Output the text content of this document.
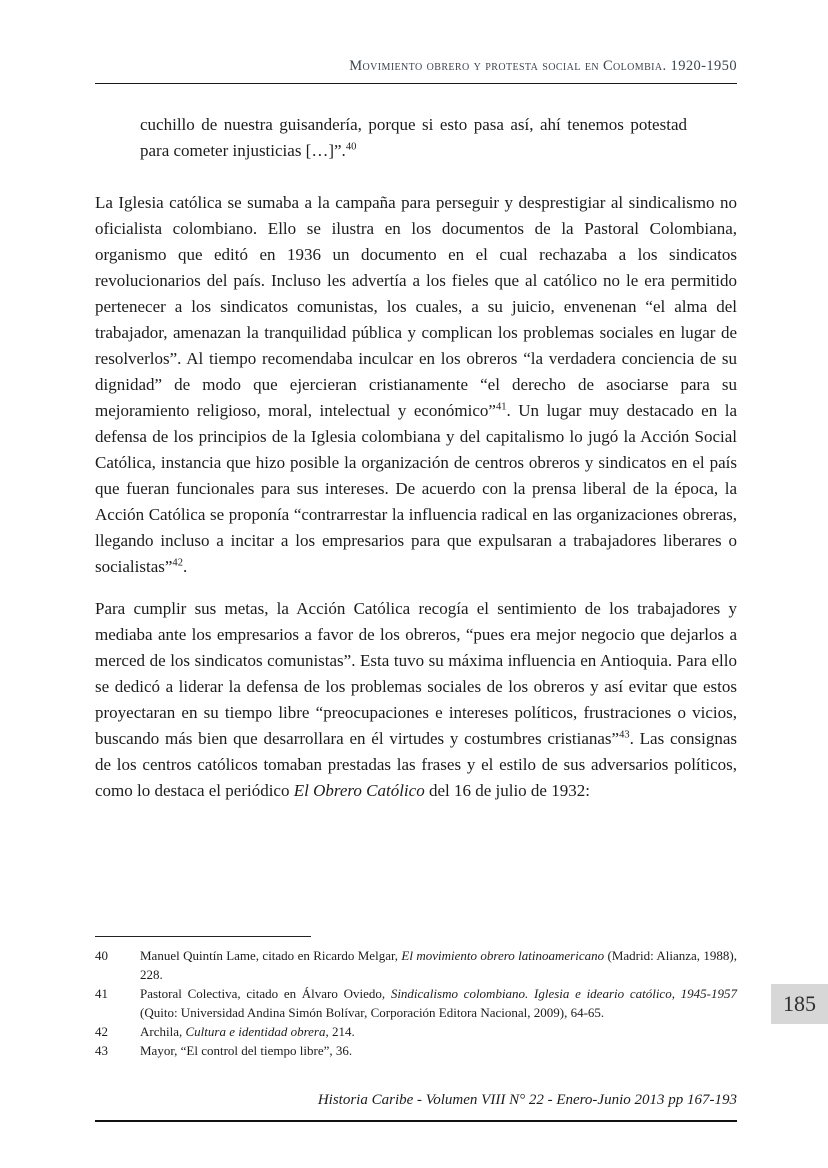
Movimiento obrero y protesta social en Colombia. 1920-1950
cuchillo de nuestra guisandería, porque si esto pasa así, ahí tenemos potestad para cometer injusticias […]”.$^{40}$

La Iglesia católica se sumaba a la campaña para perseguir y desprestigiar al sindicalismo no oficialista colombiano. Ello se ilustra en los documentos de la Pastoral Colombiana, organismo que editó en 1936 un documento en el cual rechazaba a los sindicatos revolucionarios del país. Incluso les advertía a los fieles que al católico no le era permitido pertenecer a los sindicatos comunistas, los cuales, a su juicio, envenenan “el alma del trabajador, amenazan la tranquilidad pública y complican los problemas sociales en lugar de resolverlos”. Al tiempo recomendaba inculcar en los obreros “la verdadera conciencia de su dignidad” de modo que ejercieran cristianamente “el derecho de asociarse para su mejoramiento religioso, moral, intelectual y económico”$^{41}$. Un lugar muy destacado en la defensa de los principios de la Iglesia colombiana y del capitalismo lo jugó la Acción Social Católica, instancia que hizo posible la organización de centros obreros y sindicatos en el país que fueran funcionales para sus intereses. De acuerdo con la prensa liberal de la época, la Acción Católica se proponía “contrarrestar la influencia radical en las organizaciones obreras, llegando incluso a incitar a los empresarios para que expulsaran a trabajadores liberares o socialistas”$^{42}$.

Para cumplir sus metas, la Acción Católica recogía el sentimiento de los trabajadores y mediaba ante los empresarios a favor de los obreros, “pues era mejor negocio que dejarlos a merced de los sindicatos comunistas”. Esta tuvo su máxima influencia en Antioquia. Para ello se dedicó a liderar la defensa de los problemas sociales de los obreros y así evitar que estos proyectaran en su tiempo libre “preocupaciones e intereses políticos, frustraciones o vicios, buscando más bien que desarrollara en él virtudes y costumbres cristianas”$^{43}$. Las consignas de los centros católicos tomaban prestadas las frases y el estilo de sus adversarios políticos, como lo destaca el periódico El Obrero Católico del 16 de julio de 1932:

40	Manuel Quintín Lame, citado en Ricardo Melgar, El movimiento obrero latinoamericano (Madrid: Alianza, 1988), 228.
41	Pastoral Colectiva, citado en Álvaro Oviedo, Sindicalismo colombiano. Iglesia e ideario católico, 1945-1957 (Quito: Universidad Andina Simón Bolívar, Corporación Editora Nacional, 2009), 64-65.
42	Archila, Cultura e identidad obrera, 214.
43	Mayor, “El control del tiempo libre”, 36.
185
Historia Caribe - Volumen VIII N° 22 - Enero-Junio 2013 pp 167-193
